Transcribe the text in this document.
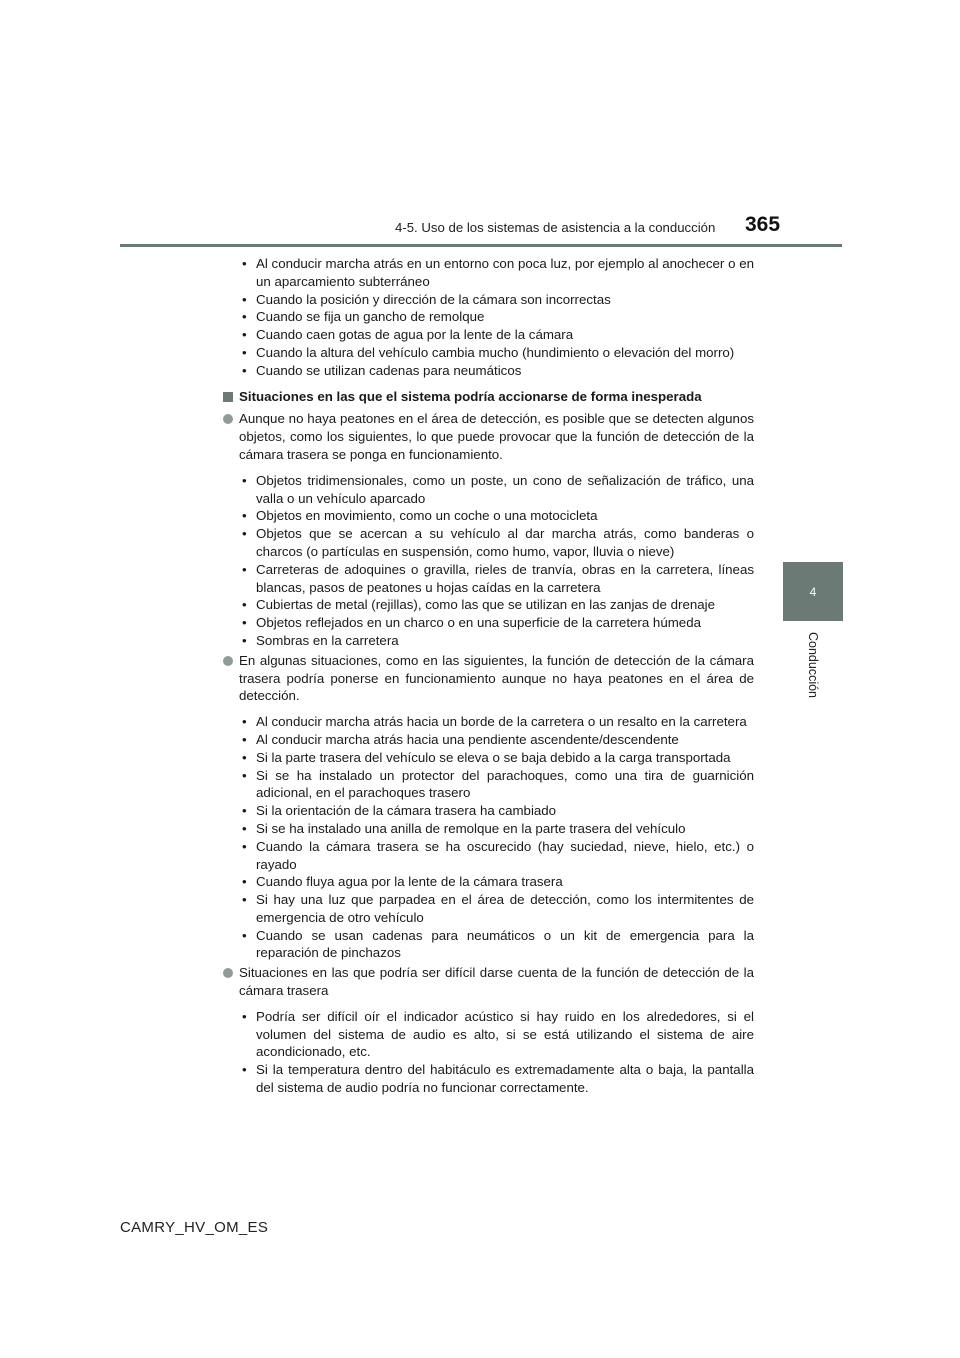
365
4-5. Uso de los sistemas de asistencia a la conducción
4
Conducción
• Al conducir marcha atrás en un entorno con poca luz, por ejemplo al anochecer o en un aparcamiento subterráneo
• Cuando la posición y dirección de la cámara son incorrectas
• Cuando se fija un gancho de remolque
• Cuando caen gotas de agua por la lente de la cámara
• Cuando la altura del vehículo cambia mucho (hundimiento o elevación del morro)
• Cuando se utilizan cadenas para neumáticos
Situaciones en las que el sistema podría accionarse de forma inesperada
Aunque no haya peatones en el área de detección, es posible que se detecten algunos objetos, como los siguientes, lo que puede provocar que la función de detección de la cámara trasera se ponga en funcionamiento.
• Objetos tridimensionales, como un poste, un cono de señalización de tráfico, una valla o un vehículo aparcado
• Objetos en movimiento, como un coche o una motocicleta
• Objetos que se acercan a su vehículo al dar marcha atrás, como banderas o charcos (o partículas en suspensión, como humo, vapor, lluvia o nieve)
• Carreteras de adoquines o gravilla, rieles de tranvía, obras en la carretera, líneas blancas, pasos de peatones u hojas caídas en la carretera
• Cubiertas de metal (rejillas), como las que se utilizan en las zanjas de drenaje
• Objetos reflejados en un charco o en una superficie de la carretera húmeda
• Sombras en la carretera
En algunas situaciones, como en las siguientes, la función de detección de la cámara trasera podría ponerse en funcionamiento aunque no haya peatones en el área de detección.
• Al conducir marcha atrás hacia un borde de la carretera o un resalto en la carretera
• Al conducir marcha atrás hacia una pendiente ascendente/descendente
• Si la parte trasera del vehículo se eleva o se baja debido a la carga transportada
• Si se ha instalado un protector del parachoques, como una tira de guarnición adicional, en el parachoques trasero
• Si la orientación de la cámara trasera ha cambiado
• Si se ha instalado una anilla de remolque en la parte trasera del vehículo
• Cuando la cámara trasera se ha oscurecido (hay suciedad, nieve, hielo, etc.) o rayado
• Cuando fluya agua por la lente de la cámara trasera
• Si hay una luz que parpadea en el área de detección, como los intermitentes de emergencia de otro vehículo
• Cuando se usan cadenas para neumáticos o un kit de emergencia para la reparación de pinchazos
Situaciones en las que podría ser difícil darse cuenta de la función de detección de la cámara trasera
• Podría ser difícil oír el indicador acústico si hay ruido en los alrededores, si el volumen del sistema de audio es alto, si se está utilizando el sistema de aire acondicionado, etc.
• Si la temperatura dentro del habitáculo es extremadamente alta o baja, la pantalla del sistema de audio podría no funcionar correctamente.
CAMRY_HV_OM_ES
